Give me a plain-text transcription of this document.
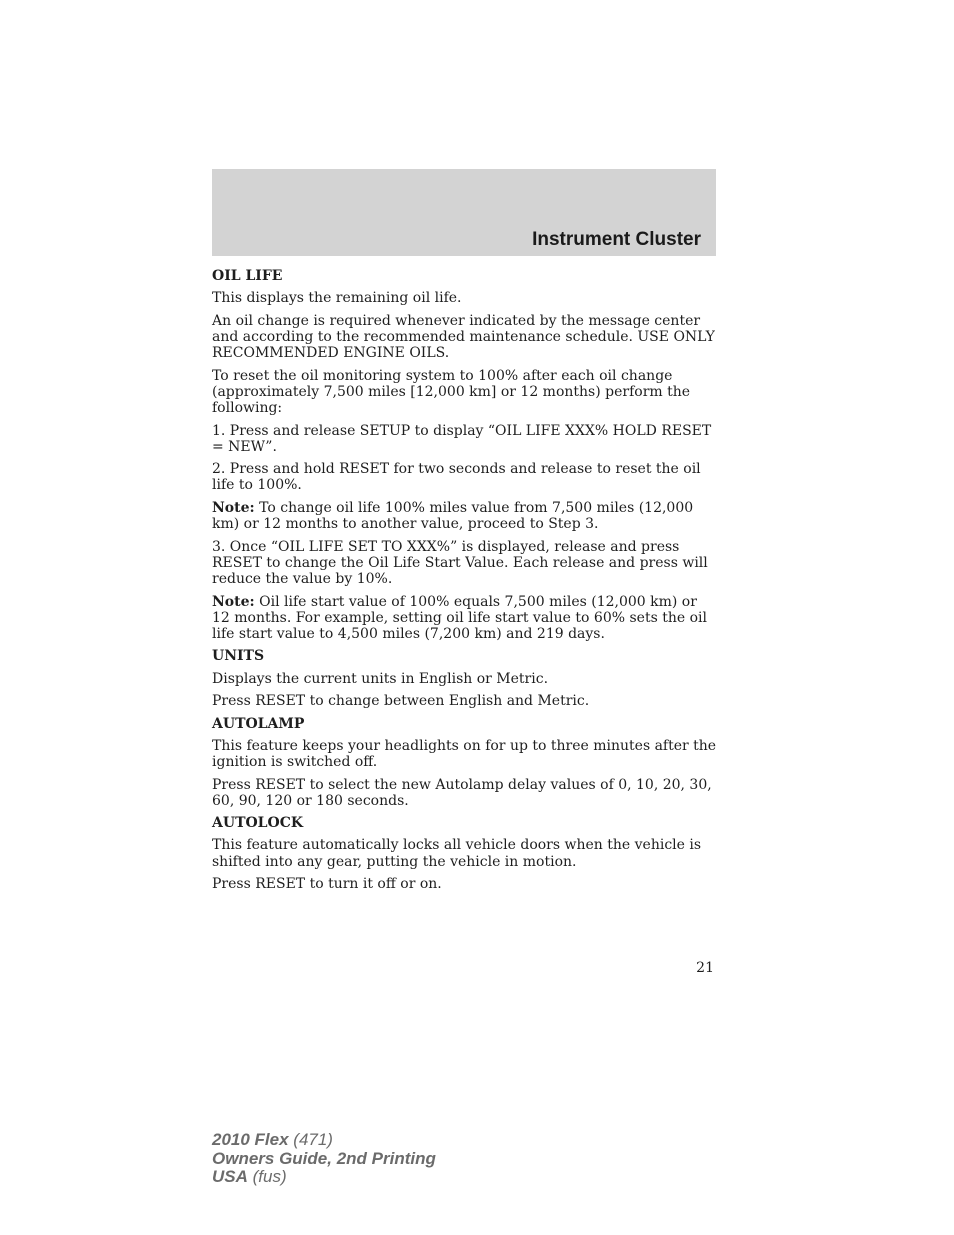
Instrument Cluster
OIL LIFE

This displays the remaining oil life.

An oil change is required whenever indicated by the message center and according to the recommended maintenance schedule. USE ONLY RECOMMENDED ENGINE OILS.

To reset the oil monitoring system to 100% after each oil change (approximately 7,500 miles [12,000 km] or 12 months) perform the following:

1. Press and release SETUP to display “OIL LIFE XXX% HOLD RESET = NEW”.

2. Press and hold RESET for two seconds and release to reset the oil life to 100%.

Note: To change oil life 100% miles value from 7,500 miles (12,000 km) or 12 months to another value, proceed to Step 3.

3. Once “OIL LIFE SET TO XXX%” is displayed, release and press RESET to change the Oil Life Start Value. Each release and press will reduce the value by 10%.

Note: Oil life start value of 100% equals 7,500 miles (12,000 km) or 12 months. For example, setting oil life start value to 60% sets the oil life start value to 4,500 miles (7,200 km) and 219 days.

UNITS

Displays the current units in English or Metric.

Press RESET to change between English and Metric.

AUTOLAMP

This feature keeps your headlights on for up to three minutes after the ignition is switched off.

Press RESET to select the new Autolamp delay values of 0, 10, 20, 30, 60, 90, 120 or 180 seconds.

AUTOLOCK

This feature automatically locks all vehicle doors when the vehicle is shifted into any gear, putting the vehicle in motion.

Press RESET to turn it off or on.

21
2010 Flex (471)
Owners Guide, 2nd Printing
USA (fus)
